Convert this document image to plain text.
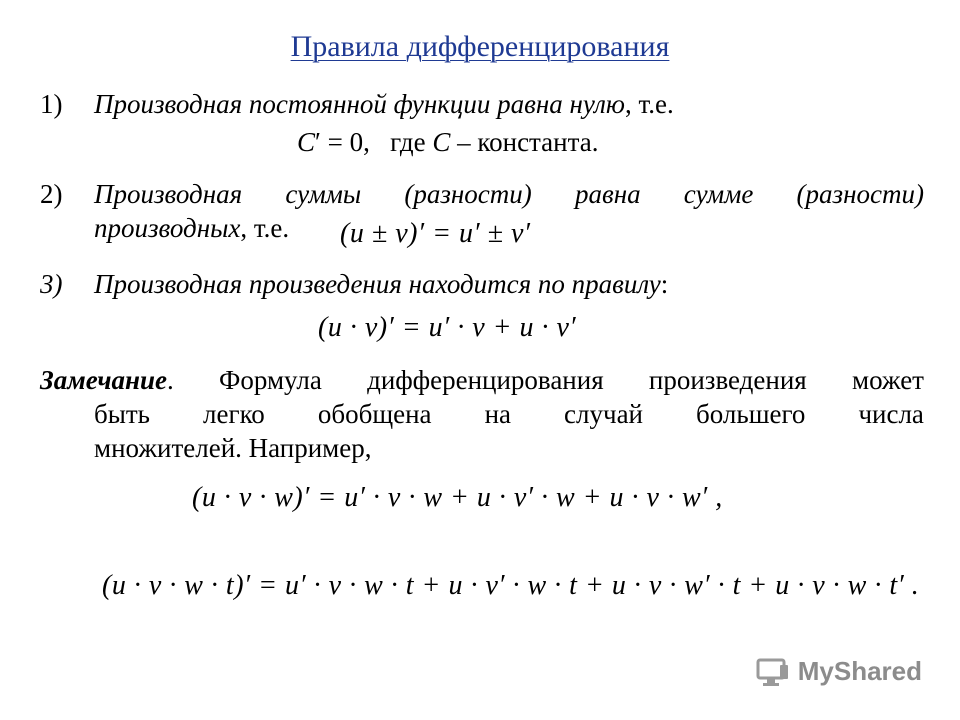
Правила дифференцирования
1) Производная постоянной функции равна нулю, т.е.
C′ = 0, где C – константа.
2) Производная суммы (разности) равна сумме (разности)
производных, т.е. (u ± v)′ = u′ ± v′
3) Производная произведения находится по правилу:
(u · v)′ = u′ · v + u · v′
Замечание. Формула дифференцирования произведения может
быть легко обобщена на случай большего числа
множителей. Например,
(u · v · w)′ = u′ · v · w + u · v′ · w + u · v · w′ ,
(u · v · w · t)′ = u′ · v · w · t + u · v′ · w · t + u · v · w′ · t + u · v · w · t′ .
MyShared
